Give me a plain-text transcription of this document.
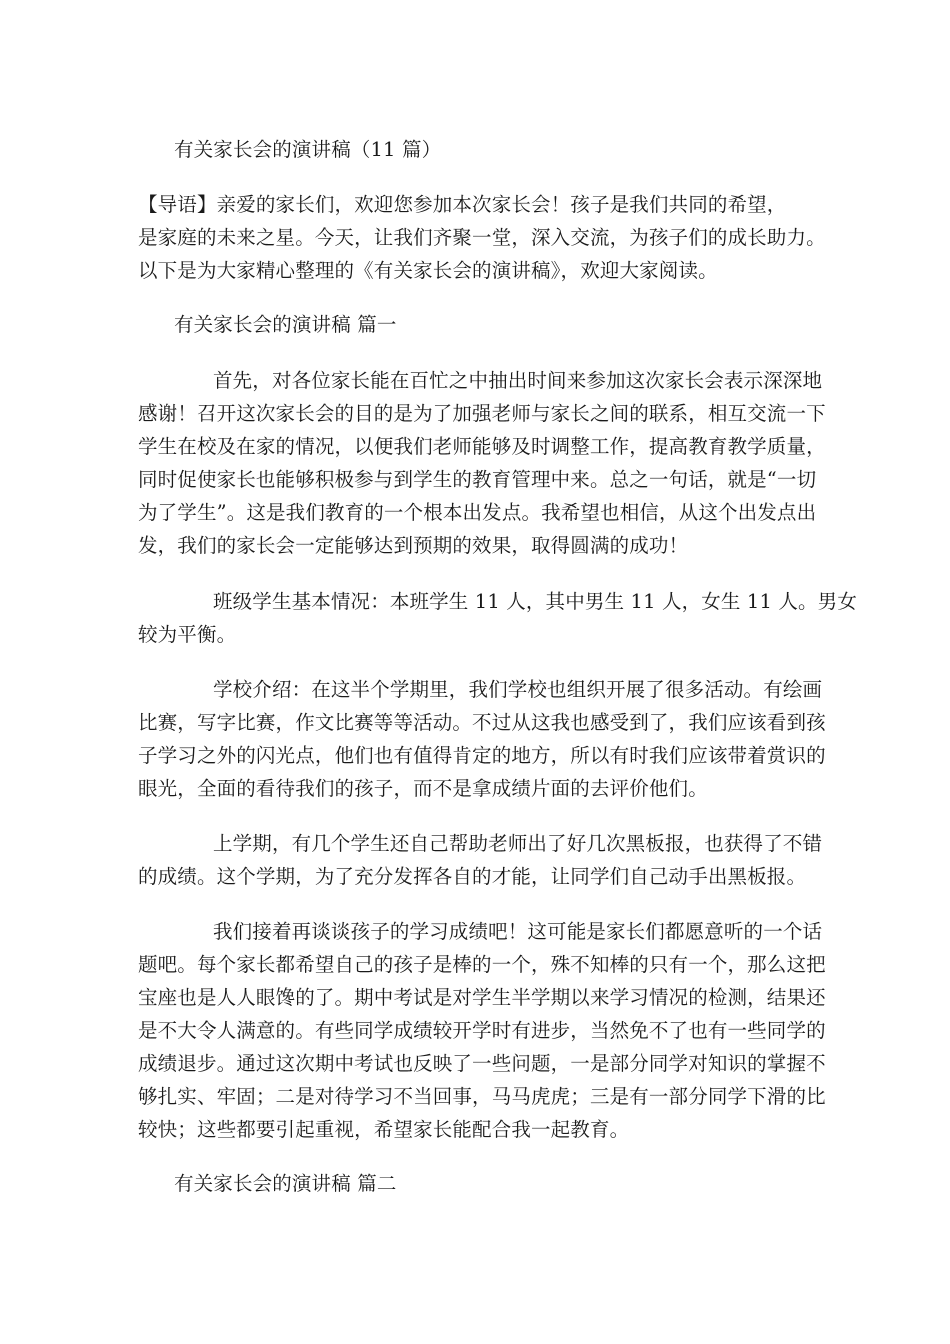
有关家长会的演讲稿（11 篇）
【导语】亲爱的家长们，欢迎您参加本次家长会！孩子是我们共同的希望，
是家庭的未来之星。今天，让我们齐聚一堂，深入交流，为孩子们的成长助力。
以下是为大家精心整理的《有关家长会的演讲稿》，欢迎大家阅读。
有关家长会的演讲稿 篇一
首先，对各位家长能在百忙之中抽出时间来参加这次家长会表示深深地
感谢！召开这次家长会的目的是为了加强老师与家长之间的联系，相互交流一下
学生在校及在家的情况，以便我们老师能够及时调整工作，提高教育教学质量，
同时促使家长也能够积极参与到学生的教育管理中来。总之一句话，就是“一切
为了学生”。这是我们教育的一个根本出发点。我希望也相信，从这个出发点出
发，我们的家长会一定能够达到预期的效果，取得圆满的成功！
班级学生基本情况：本班学生 11 人，其中男生 11 人，女生 11 人。男女
较为平衡。
学校介绍：在这半个学期里，我们学校也组织开展了很多活动。有绘画
比赛，写字比赛，作文比赛等等活动。不过从这我也感受到了，我们应该看到孩
子学习之外的闪光点，他们也有值得肯定的地方，所以有时我们应该带着赏识的
眼光，全面的看待我们的孩子，而不是拿成绩片面的去评价他们。
上学期，有几个学生还自己帮助老师出了好几次黑板报，也获得了不错
的成绩。这个学期，为了充分发挥各自的才能，让同学们自己动手出黑板报。
我们接着再谈谈孩子的学习成绩吧！这可能是家长们都愿意听的一个话
题吧。每个家长都希望自己的孩子是棒的一个，殊不知棒的只有一个，那么这把
宝座也是人人眼馋的了。期中考试是对学生半学期以来学习情况的检测，结果还
是不大令人满意的。有些同学成绩较开学时有进步，当然免不了也有一些同学的
成绩退步。通过这次期中考试也反映了一些问题，一是部分同学对知识的掌握不
够扎实、牢固；二是对待学习不当回事，马马虎虎；三是有一部分同学下滑的比
较快；这些都要引起重视，希望家长能配合我一起教育。
有关家长会的演讲稿 篇二
